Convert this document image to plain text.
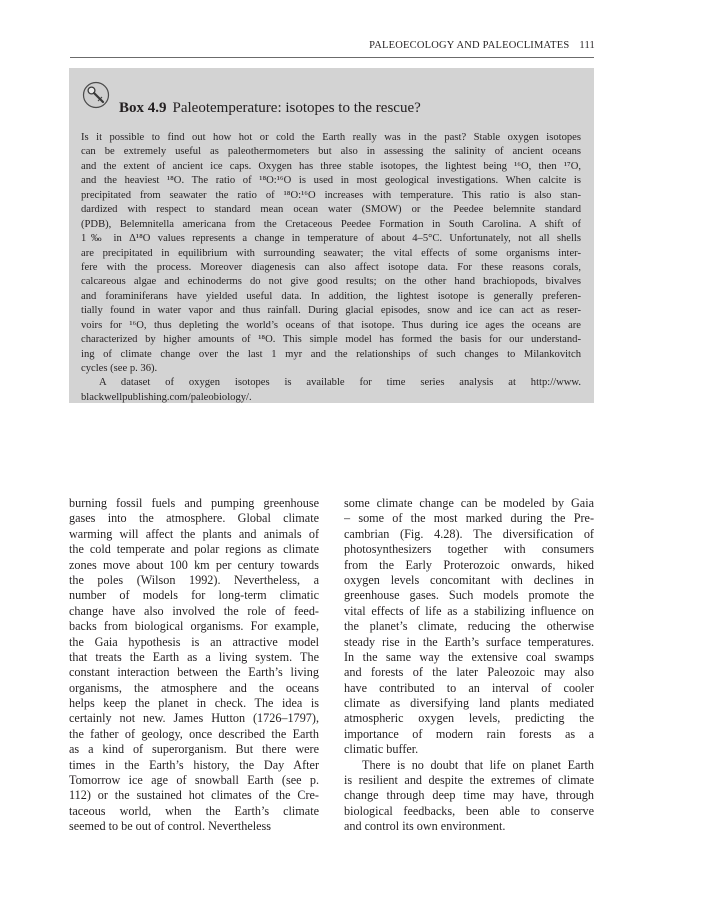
PALEOECOLOGY AND PALEOCLIMATES 111
Box 4.9 Paleotemperature: isotopes to the rescue?
Is it possible to find out how hot or cold the Earth really was in the past? Stable oxygen isotopes
can be extremely useful as paleothermometers but also in assessing the salinity of ancient oceans
and the extent of ancient ice caps. Oxygen has three stable isotopes, the lightest being ¹⁶O, then ¹⁷O,
and the heaviest ¹⁸O. The ratio of ¹⁸O:¹⁶O is used in most geological investigations. When calcite is
precipitated from seawater the ratio of ¹⁸O:¹⁶O increases with temperature. This ratio is also stan-
dardized with respect to standard mean ocean water (SMOW) or the Peedee belemnite standard
(PDB), Belemnitella americana from the Cretaceous Peedee Formation in South Carolina. A shift of
1‰ in Δ¹⁸O values represents a change in temperature of about 4–5°C. Unfortunately, not all shells
are precipitated in equilibrium with surrounding seawater; the vital effects of some organisms inter-
fere with the process. Moreover diagenesis can also affect isotope data. For these reasons corals,
calcareous algae and echinoderms do not give good results; on the other hand brachiopods, bivalves
and foraminiferans have yielded useful data. In addition, the lightest isotope is generally preferen-
tially found in water vapor and thus rainfall. During glacial episodes, snow and ice can act as reser-
voirs for ¹⁶O, thus depleting the world’s oceans of that isotope. Thus during ice ages the oceans are
characterized by higher amounts of ¹⁸O. This simple model has formed the basis for our understand-
ing of climate change over the last 1 myr and the relationships of such changes to Milankovitch
cycles (see p. 36).
A dataset of oxygen isotopes is available for time series analysis at http://www.
blackwellpublishing.com/paleobiology/.
burning fossil fuels and pumping greenhouse
gases into the atmosphere. Global climate
warming will affect the plants and animals of
the cold temperate and polar regions as climate
zones move about 100 km per century towards
the poles (Wilson 1992). Nevertheless, a
number of models for long-term climatic
change have also involved the role of feed-
backs from biological organisms. For example,
the Gaia hypothesis is an attractive model
that treats the Earth as a living system. The
constant interaction between the Earth’s living
organisms, the atmosphere and the oceans
helps keep the planet in check. The idea is
certainly not new. James Hutton (1726–1797),
the father of geology, once described the Earth
as a kind of superorganism. But there were
times in the Earth’s history, the Day After
Tomorrow ice age of snowball Earth (see p.
112) or the sustained hot climates of the Cre-
taceous world, when the Earth’s climate
seemed to be out of control. Nevertheless
some climate change can be modeled by Gaia
– some of the most marked during the Pre-
cambrian (Fig. 4.28). The diversification of
photosynthesizers together with consumers
from the Early Proterozoic onwards, hiked
oxygen levels concomitant with declines in
greenhouse gases. Such models promote the
vital effects of life as a stabilizing influence on
the planet’s climate, reducing the otherwise
steady rise in the Earth’s surface temperatures.
In the same way the extensive coal swamps
and forests of the later Paleozoic may also
have contributed to an interval of cooler
climate as diversifying land plants mediated
atmospheric oxygen levels, predicting the
importance of modern rain forests as a
climatic buffer.
There is no doubt that life on planet Earth
is resilient and despite the extremes of climate
change through deep time may have, through
biological feedbacks, been able to conserve
and control its own environment.
